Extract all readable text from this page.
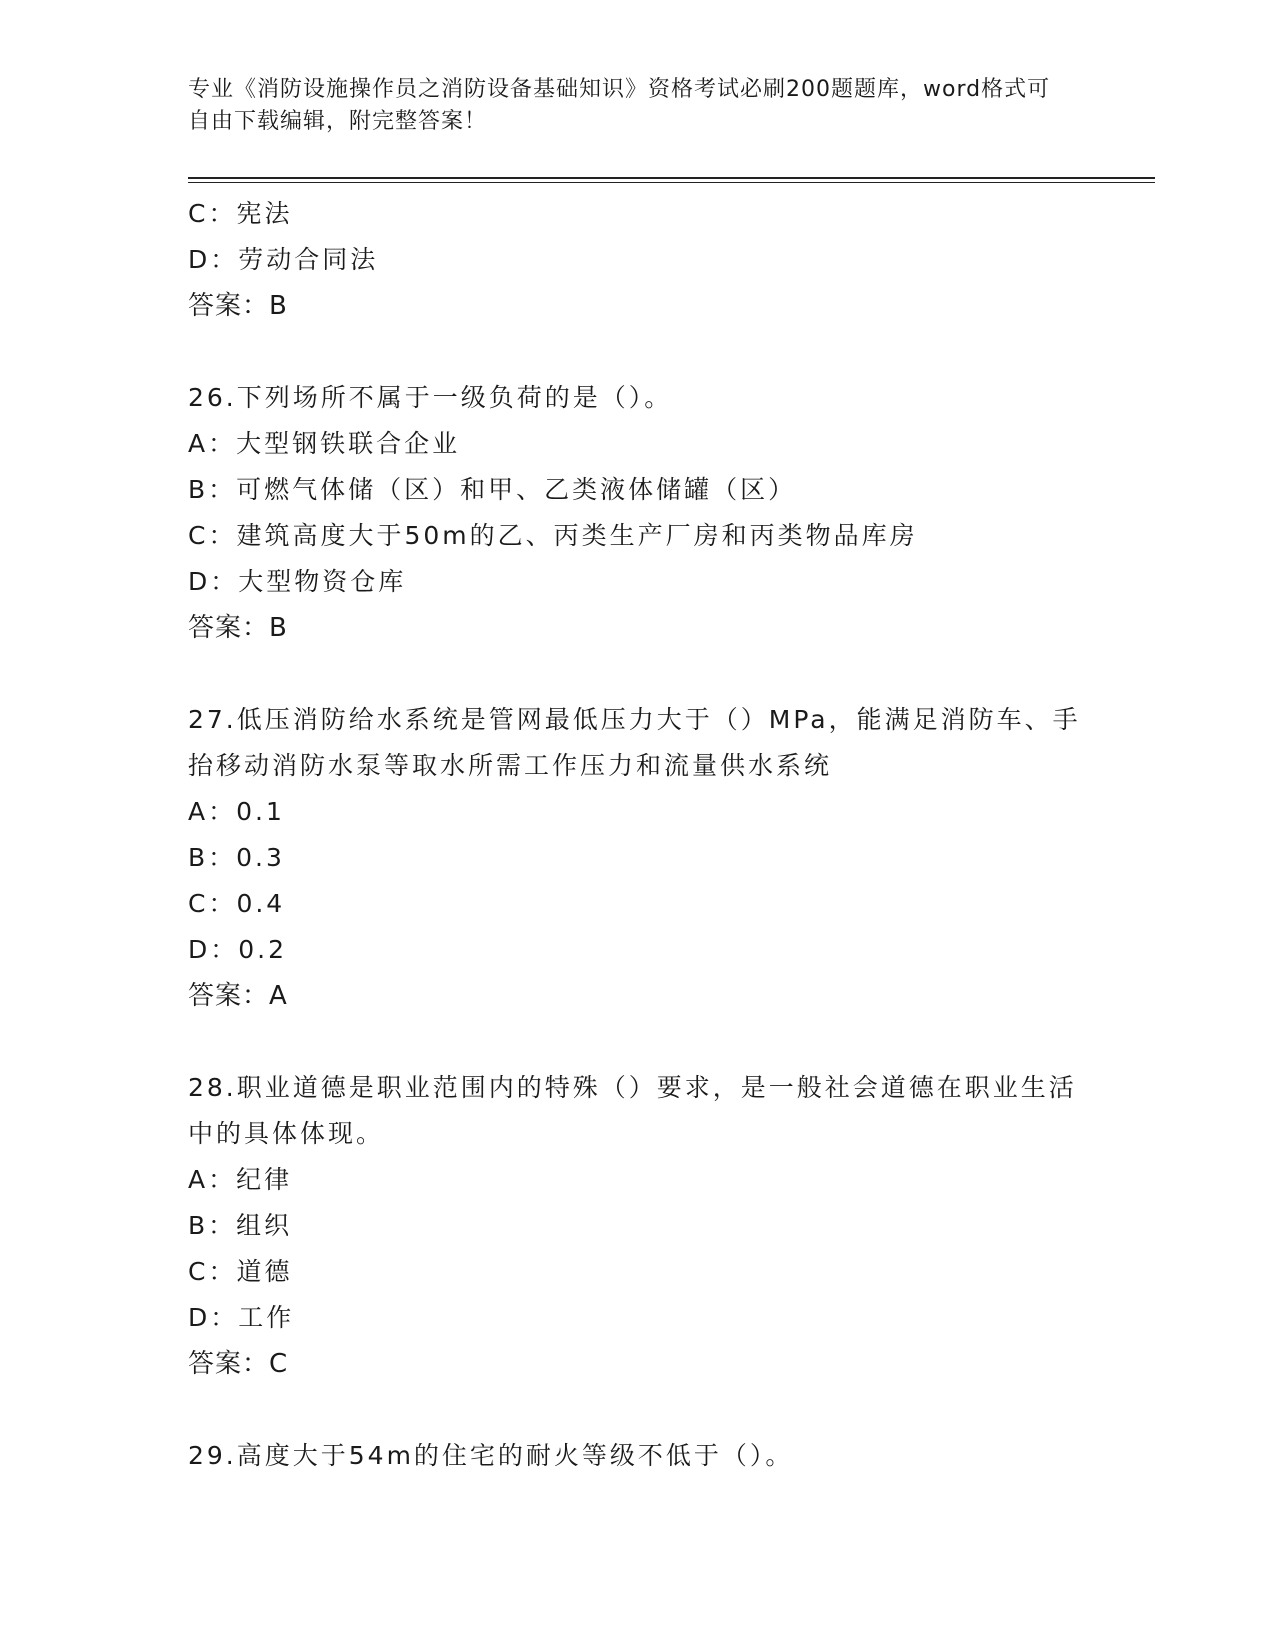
专业《消防设施操作员之消防设备基础知识》资格考试必刷200题题库，word格式可自由下载编辑，附完整答案！
C：宪法
D：劳动合同法
答案：B
26.下列场所不属于一级负荷的是（）。
A：大型钢铁联合企业
B：可燃气体储（区）和甲、乙类液体储罐（区）
C：建筑高度大于50m的乙、丙类生产厂房和丙类物品库房
D：大型物资仓库
答案：B
27.低压消防给水系统是管网最低压力大于（）MPa，能满足消防车、手抬移动消防水泵等取水所需工作压力和流量供水系统
A：0.1
B：0.3
C：0.4
D：0.2
答案：A
28.职业道德是职业范围内的特殊（）要求，是一般社会道德在职业生活中的具体体现。
A：纪律
B：组织
C：道德
D：工作
答案：C
29.高度大于54m的住宅的耐火等级不低于（）。
